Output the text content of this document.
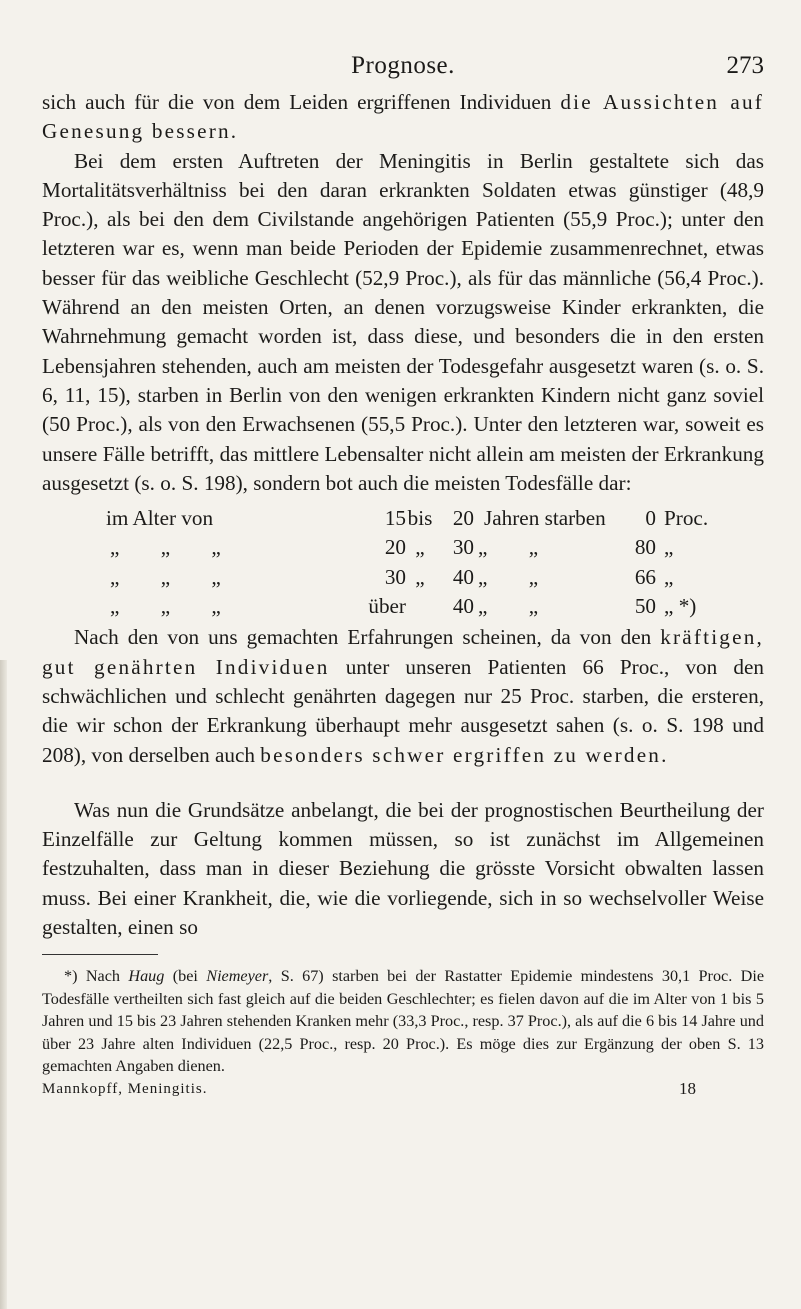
Prognose.	273

sich auch für die von dem Leiden ergriffenen Individuen die Aussichten auf Genesung bessern.

Bei dem ersten Auftreten der Meningitis in Berlin gestaltete sich das Mortalitätsverhältniss bei den daran erkrankten Soldaten etwas günstiger (48,9 Proc.), als bei den dem Civilstande angehörigen Patienten (55,9 Proc.); unter den letzteren war es, wenn man beide Perioden der Epidemie zusammenrechnet, etwas besser für das weibliche Geschlecht (52,9 Proc.), als für das männliche (56,4 Proc.). Während an den meisten Orten, an denen vorzugsweise Kinder erkrankten, die Wahrnehmung gemacht worden ist, dass diese, und besonders die in den ersten Lebensjahren stehenden, auch am meisten der Todesgefahr ausgesetzt waren (s. o. S. 6, 11, 15), starben in Berlin von den wenigen erkrankten Kindern nicht ganz soviel (50 Proc.), als von den Erwachsenen (55,5 Proc.). Unter den letzteren war, soweit es unsere Fälle betrifft, das mittlere Lebensalter nicht allein am meisten der Erkrankung ausgesetzt (s. o. S. 198), sondern bot auch die meisten Todesfälle dar:

im Alter von	15	bis	20	Jahren starben	0	Proc.
„ „ „	20	„	30	„ „	80	„
„ „ „	30	„	40	„ „	66	„
„ „ „	über		40	„ „	50	„ *)

Nach den von uns gemachten Erfahrungen scheinen, da von den kräftigen, gut genährten Individuen unter unseren Patienten 66 Proc., von den schwächlichen und schlecht genährten dagegen nur 25 Proc. starben, die ersteren, die wir schon der Erkrankung überhaupt mehr ausgesetzt sahen (s. o. S. 198 und 208), von derselben auch besonders schwer ergriffen zu werden.

Was nun die Grundsätze anbelangt, die bei der prognostischen Beurtheilung der Einzelfälle zur Geltung kommen müssen, so ist zunächst im Allgemeinen festzuhalten, dass man in dieser Beziehung die grösste Vorsicht obwalten lassen muss. Bei einer Krankheit, die, wie die vorliegende, sich in so wechselvoller Weise gestalten, einen so

*) Nach Haug (bei Niemeyer, S. 67) starben bei der Rastatter Epidemie mindestens 30,1 Proc. Die Todesfälle vertheilten sich fast gleich auf die beiden Geschlechter; es fielen davon auf die im Alter von 1 bis 5 Jahren und 15 bis 23 Jahren stehenden Kranken mehr (33,3 Proc., resp. 37 Proc.), als auf die 6 bis 14 Jahre und über 23 Jahre alten Individuen (22,5 Proc., resp. 20 Proc.). Es möge dies zur Ergänzung der oben S. 13 gemachten Angaben dienen.

Mannkopff, Meningitis.	18
